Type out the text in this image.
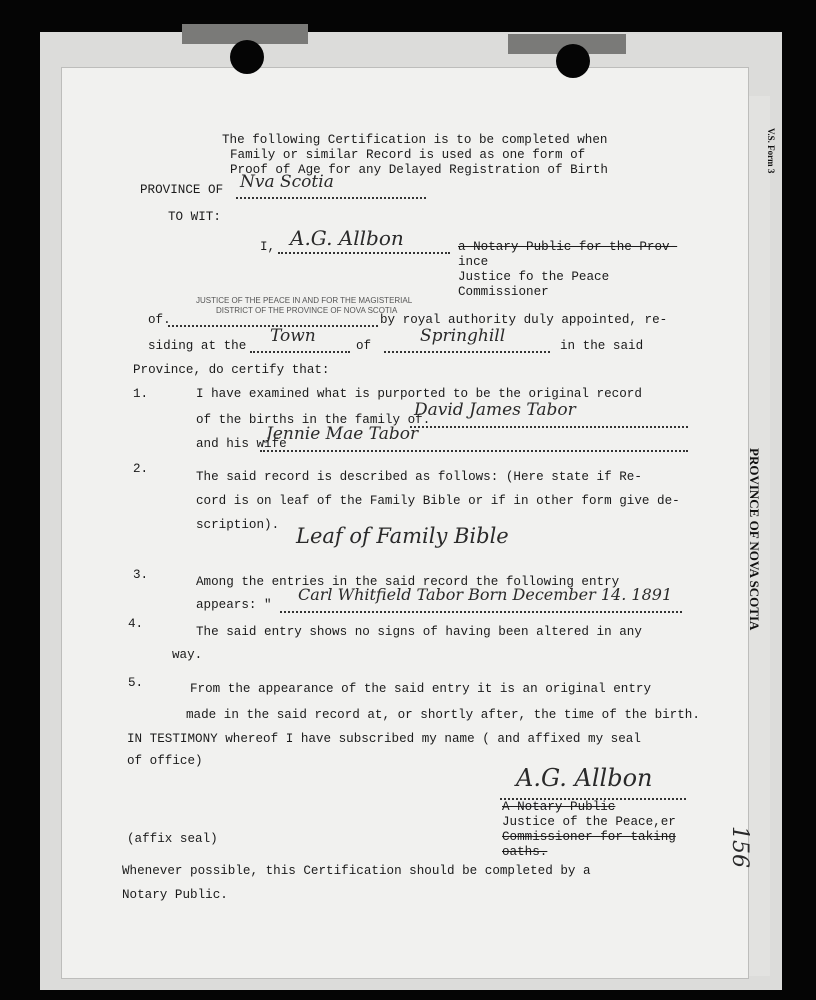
V.S. Form 3
PROVINCE OF NOVA SCOTIA
156
The following Certification is to be completed when
Family or similar Record is used as one form of
Proof of Age for any Delayed Registration of Birth
PROVINCE OF Nva Scotia
TO WIT:
I, A.G. Allbon	a Notary Public for the Prov-
ince
Justice fo the Peace
Commissioner
JUSTICE OF THE PEACE IN AND FOR THE MAGISTERIAL
DISTRICT OF THE PROVINCE OF NOVA SCOTIA
of.	by royal authority duly appointed, re-
siding at the Town	of	Springhill	in the said
Province, do certify that:
1.	I have examined what is purported to be the original record
of the births in the family of.
David James Tabor
and his wife
Jennie Mae Tabor
2.
The said record is described as follows: (Here state if Re-
cord is on leaf of the Family Bible or if in other form give de-
scription). Leaf of Family Bible
3.	Among the entries in the said record the following entry
appears: "
Carl Whitfield Tabor Born December 14. 1891
4.
The said entry shows no signs of having been altered in any
way.
5.	From the appearance of the said entry it is an original entry
made in the said record at, or shortly after, the time of the birth.
IN TESTIMONY whereof I have subscribed my name ( and affixed my seal
of office)
A.G. Allbon
A Notary Public
Justice of the Peace,er
Commissioner for taking
oaths.
(affix seal)
Whenever possible, this Certification should be completed by a
Notary Public.
